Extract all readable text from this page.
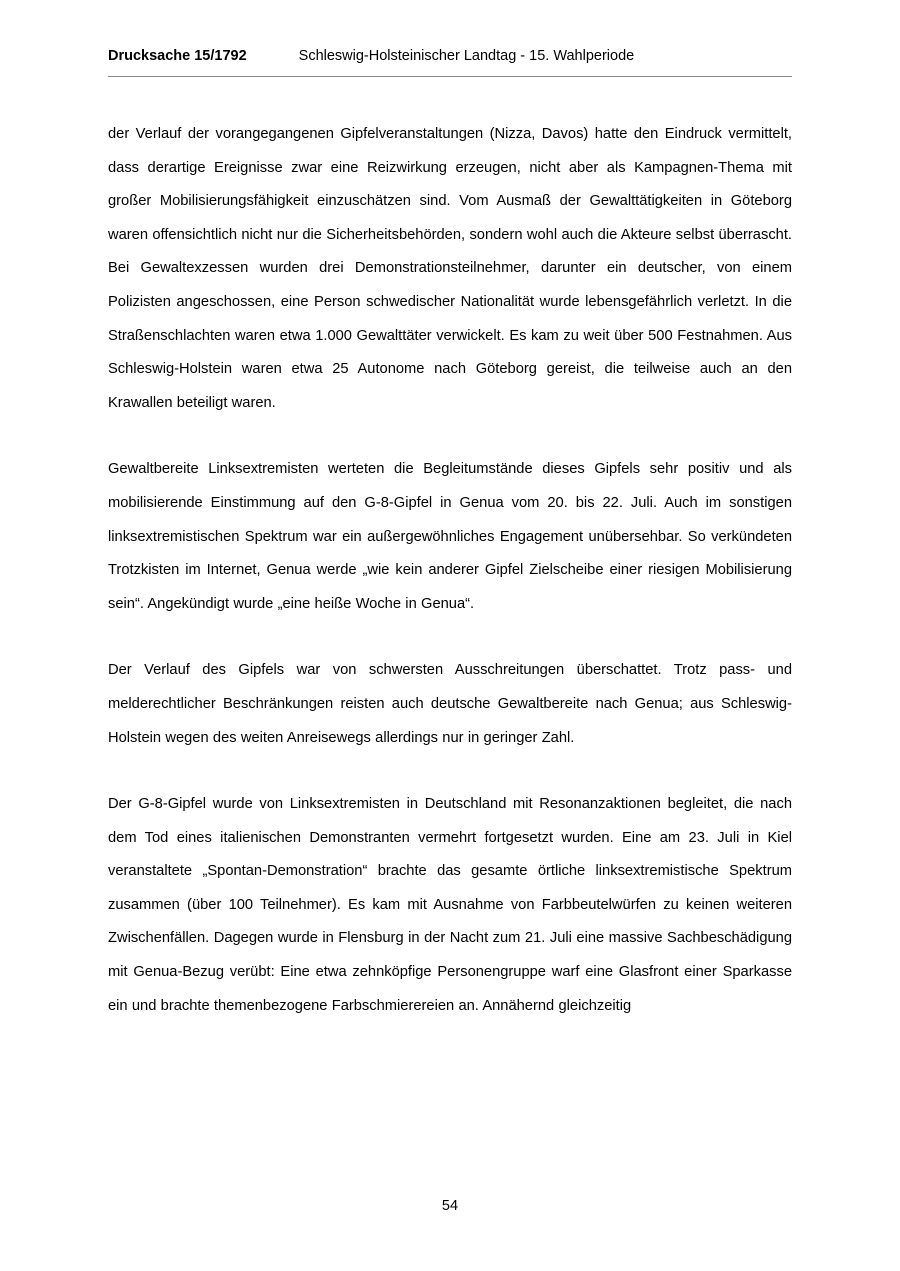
Drucksache 15/1792	Schleswig-Holsteinischer Landtag - 15. Wahlperiode

der Verlauf der vorangegangenen Gipfelveranstaltungen (Nizza, Davos) hatte den Eindruck vermittelt, dass derartige Ereignisse zwar eine Reizwirkung erzeugen, nicht aber als Kampagnen-Thema mit großer Mobilisierungsfähigkeit einzuschätzen sind. Vom Ausmaß der Gewalttätigkeiten in Göteborg waren offensichtlich nicht nur die Sicherheitsbehörden, sondern wohl auch die Akteure selbst überrascht. Bei Gewaltexzessen wurden drei Demonstrationsteilnehmer, darunter ein deutscher, von einem Polizisten angeschossen, eine Person schwedischer Nationalität wurde lebensgefährlich verletzt. In die Straßenschlachten waren etwa 1.000 Gewalttäter verwickelt. Es kam zu weit über 500 Festnahmen. Aus Schleswig-Holstein waren etwa 25 Autonome nach Göteborg gereist, die teilweise auch an den Krawallen beteiligt waren.

Gewaltbereite Linksextremisten werteten die Begleitumstände dieses Gipfels sehr positiv und als mobilisierende Einstimmung auf den G-8-Gipfel in Genua vom 20. bis 22. Juli. Auch im sonstigen linksextremistischen Spektrum war ein außergewöhnliches Engagement unübersehbar. So verkündeten Trotzkisten im Internet, Genua werde „wie kein anderer Gipfel Zielscheibe einer riesigen Mobilisierung sein“. Angekündigt wurde „eine heiße Woche in Genua“.

Der Verlauf des Gipfels war von schwersten Ausschreitungen überschattet. Trotz pass- und melderechtlicher Beschränkungen reisten auch deutsche Gewaltbereite nach Genua; aus Schleswig-Holstein wegen des weiten Anreisewegs allerdings nur in geringer Zahl.

Der G-8-Gipfel wurde von Linksextremisten in Deutschland mit Resonanzaktionen begleitet, die nach dem Tod eines italienischen Demonstranten vermehrt fortgesetzt wurden. Eine am 23. Juli in Kiel veranstaltete „Spontan-Demonstration“ brachte das gesamte örtliche linksextremistische Spektrum zusammen (über 100 Teilnehmer). Es kam mit Ausnahme von Farbbeutelwürfen zu keinen weiteren Zwischenfällen. Dagegen wurde in Flensburg in der Nacht zum 21. Juli eine massive Sachbeschädigung mit Genua-Bezug verübt: Eine etwa zehnköpfige Personengruppe warf eine Glasfront einer Sparkasse ein und brachte themenbezogene Farbschmierereien an. Annähernd gleichzeitig

54
